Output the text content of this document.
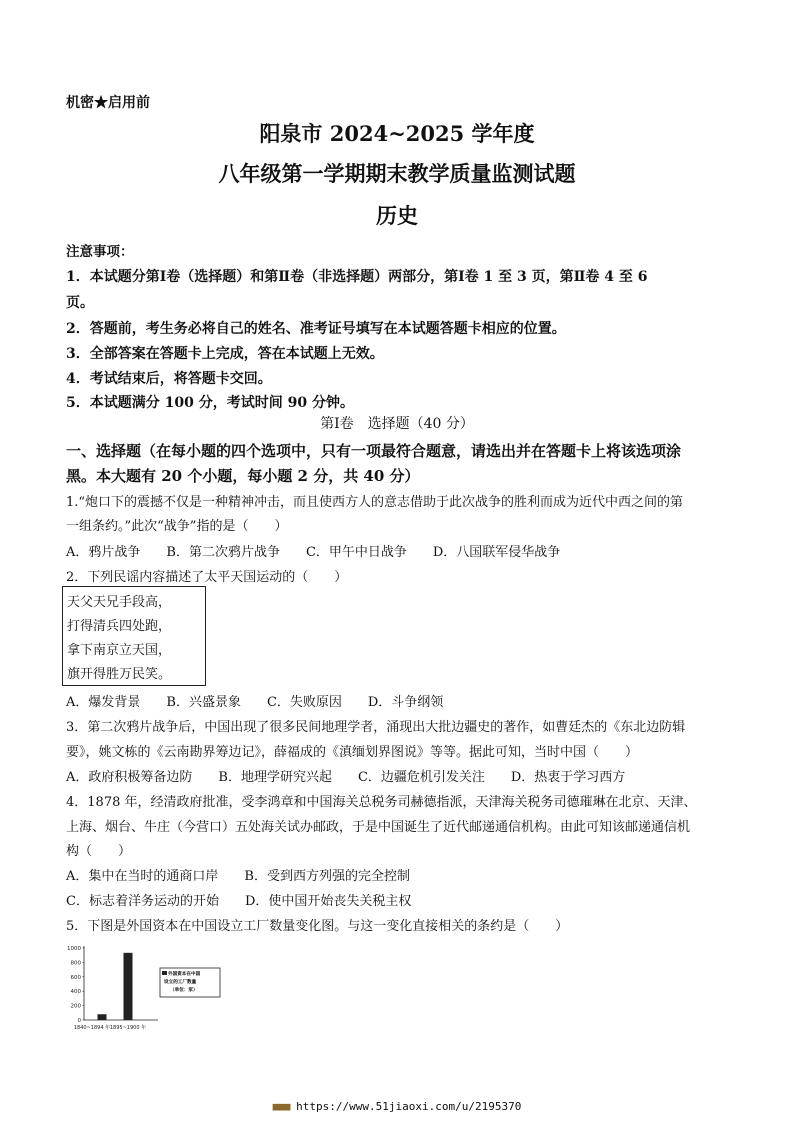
机密★启用前
阳泉市 2024~2025 学年度
八年级第一学期期末教学质量监测试题
历史
注意事项：
1．本试题分第Ⅰ卷（选择题）和第Ⅱ卷（非选择题）两部分，第Ⅰ卷 1 至 3 页，第Ⅱ卷 4 至 6
页。
2．答题前，考生务必将自己的姓名、准考证号填写在本试题答题卡相应的位置。
3．全部答案在答题卡上完成，答在本试题上无效。
4．考试结束后，将答题卡交回。
5．本试题满分 100 分，考试时间 90 分钟。
第Ⅰ卷　选择题（40 分）
一、选择题（在每小题的四个选项中，只有一项最符合题意，请选出并在答题卡上将该选项涂
黑。本大题有 20 个小题，每小题 2 分，共 40 分）
1.“炮口下的震撼不仅是一种精神冲击，而且使西方人的意志借助于此次战争的胜利而成为近代中西之间的第
一组条约。”此次“战争”指的是（　　）
A．鸦片战争　　B．第二次鸦片战争　　C．甲午中日战争　　D．八国联军侵华战争
2．下列民谣内容描述了太平天国运动的（　　）
天父天兄手段高，
打得清兵四处跑，
拿下南京立天国，
旗开得胜万民笑。
A．爆发背景　　B．兴盛景象　　C．失败原因　　D．斗争纲领
3．第二次鸦片战争后，中国出现了很多民间地理学者，涌现出大批边疆史的著作，如曹廷杰的《东北边防辑
要》，姚文栋的《云南勘界筹边记》，薛福成的《滇缅划界图说》等等。据此可知，当时中国（　　）
A．政府积极筹备边防　　B．地理学研究兴起　　C．边疆危机引发关注　　D．热衷于学习西方
4．1878 年，经清政府批准，受李鸿章和中国海关总税务司赫德指派，天津海关税务司德璀琳在北京、天津、
上海、烟台、牛庄（今营口）五处海关试办邮政，于是中国诞生了近代邮递通信机构。由此可知该邮递通信机
构（　　）
A．集中在当时的通商口岸　　B．受到西方列强的完全控制
C．标志着洋务运动的开始　　D．使中国开始丧失关税主权
5．下图是外国资本在中国设立工厂数量变化图。与这一变化直接相关的条约是（　　）
1000
800
600
400
200
0
1840~1894 年 1895~1900 年
外国资本在中国
设立的工厂数量
（单位：家）
■■■ https://www.51jiaoxi.com/u/2195370
